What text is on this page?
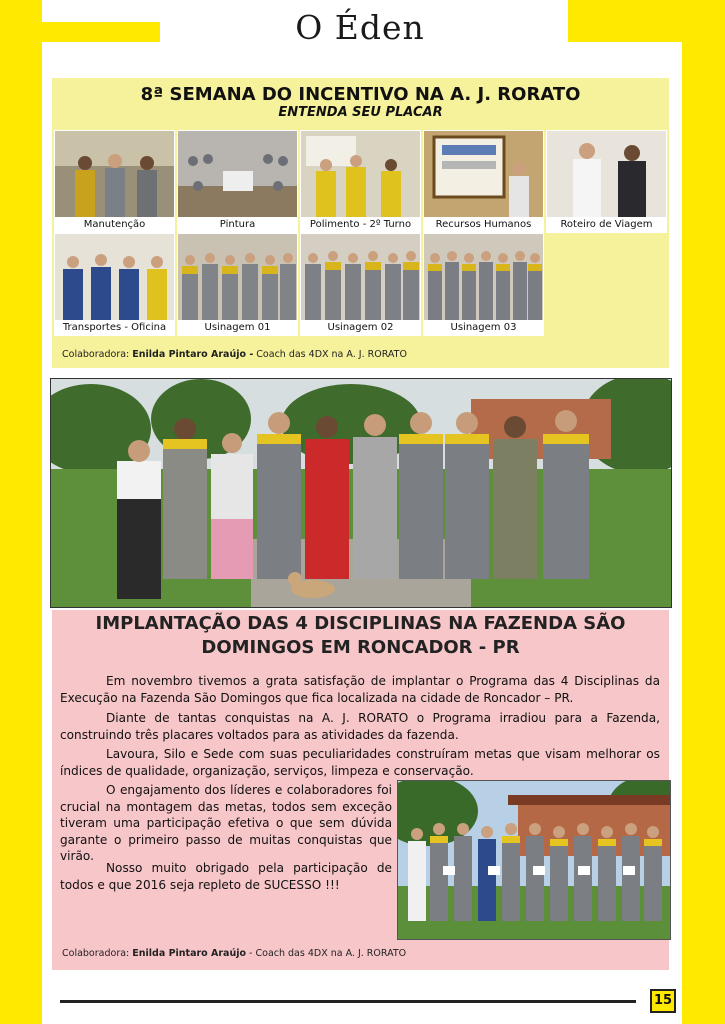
O Éden
8ª SEMANA DO INCENTIVO NA A. J. RORATO
ENTENDA SEU PLACAR
Manutenção	Pintura	Polimento - 2º Turno	Recursos Humanos	Roteiro de Viagem
Transportes - Oficina	Usinagem 01	Usinagem 02	Usinagem 03
Colaboradora: Enilda Pintaro Araújo - Coach das 4DX na A. J. RORATO
IMPLANTAÇÃO DAS 4 DISCIPLINAS NA FAZENDA SÃO
DOMINGOS EM RONCADOR - PR

Em novembro tivemos a grata satisfação de implantar o Programa das 4 Disciplinas da Execução na Fazenda São Domingos que fica localizada na cidade de Roncador – PR.

Diante de tantas conquistas na A. J. RORATO o Programa irradiou para a Fazenda, construindo três placares voltados para as atividades da fazenda.

Lavoura, Silo e Sede com suas peculiaridades construíram metas que visam melhorar os índices de qualidade, organização, serviços, limpeza e conservação.

O engajamento dos líderes e colaboradores foi crucial na montagem das metas, todos sem exceção tiveram uma participação efetiva o que sem dúvida garante o primeiro passo de muitas conquistas que virão.

Nosso muito obrigado pela participação de todos e que 2016 seja repleto de SUCESSO !!!

Colaboradora: Enilda Pintaro Araújo - Coach das 4DX na A. J. RORATO
15
